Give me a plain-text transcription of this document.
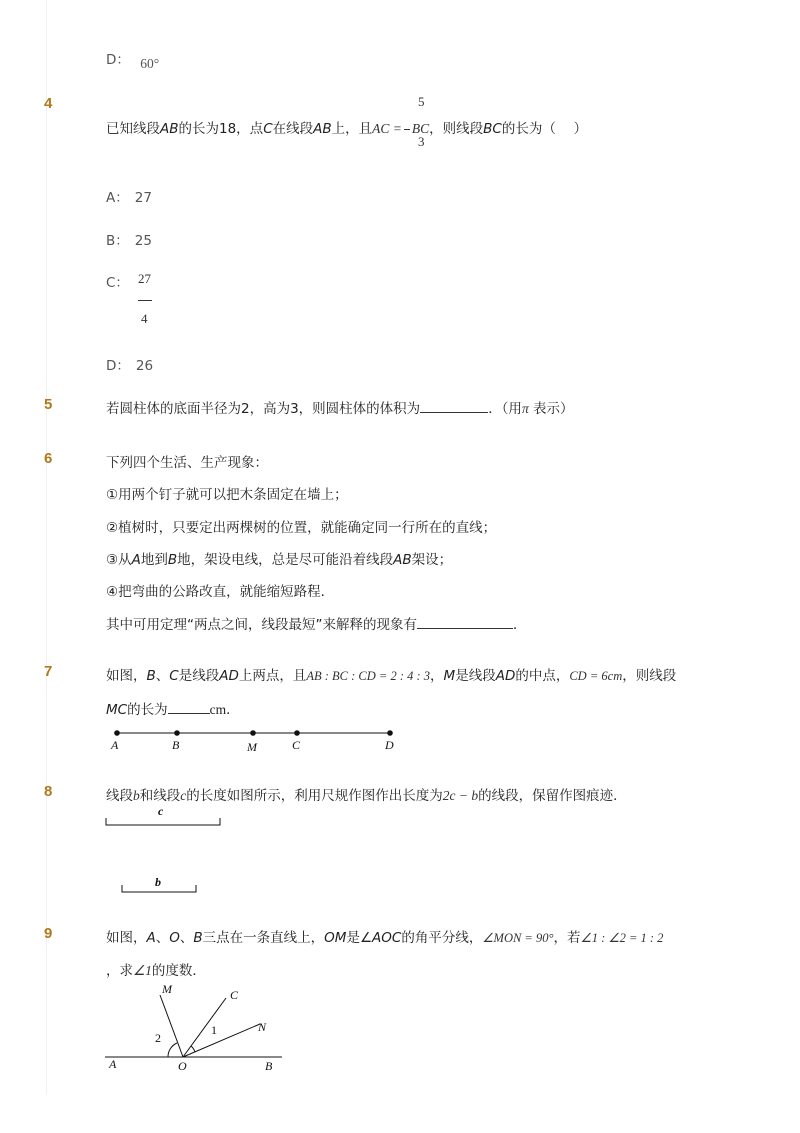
D： 60°
4
已知线段AB的长为18，点C在线段AB上，且AC = BC，则线段BC的长为（　 ）
5
3
A： 27
B： 25
C： 27
4
D： 26
5	若圆柱体的底面半径为2，高为3，则圆柱体的体积为	．（用π 表示）
6	下列四个生活、生产现象：
①用两个钉子就可以把木条固定在墙上；
②植树时，只要定出两棵树的位置，就能确定同一行所在的直线；
③从A地到B地，架设电线，总是尽可能沿着线段AB架设；
④把弯曲的公路改直，就能缩短路程．
其中可用定理“两点之间，线段最短”来解释的现象有	．
7	如图，B、C是线段AD上两点，且AB : BC : CD = 2 : 4 : 3，M是线段AD的中点，CD = 6cm，则线段
MC的长为	cm．
A	B	M	C	D
8	线段b和线段c的长度如图所示，利用尺规作图作出长度为2c − b的线段，保留作图痕迹．
c
b
9	如图，A、O、B三点在一条直线上，OM是∠AOC的角平分线，∠MON = 90°，若∠1 : ∠2 = 1 : 2
，求∠1的度数．
M	C
N
A	O	B
1
2
